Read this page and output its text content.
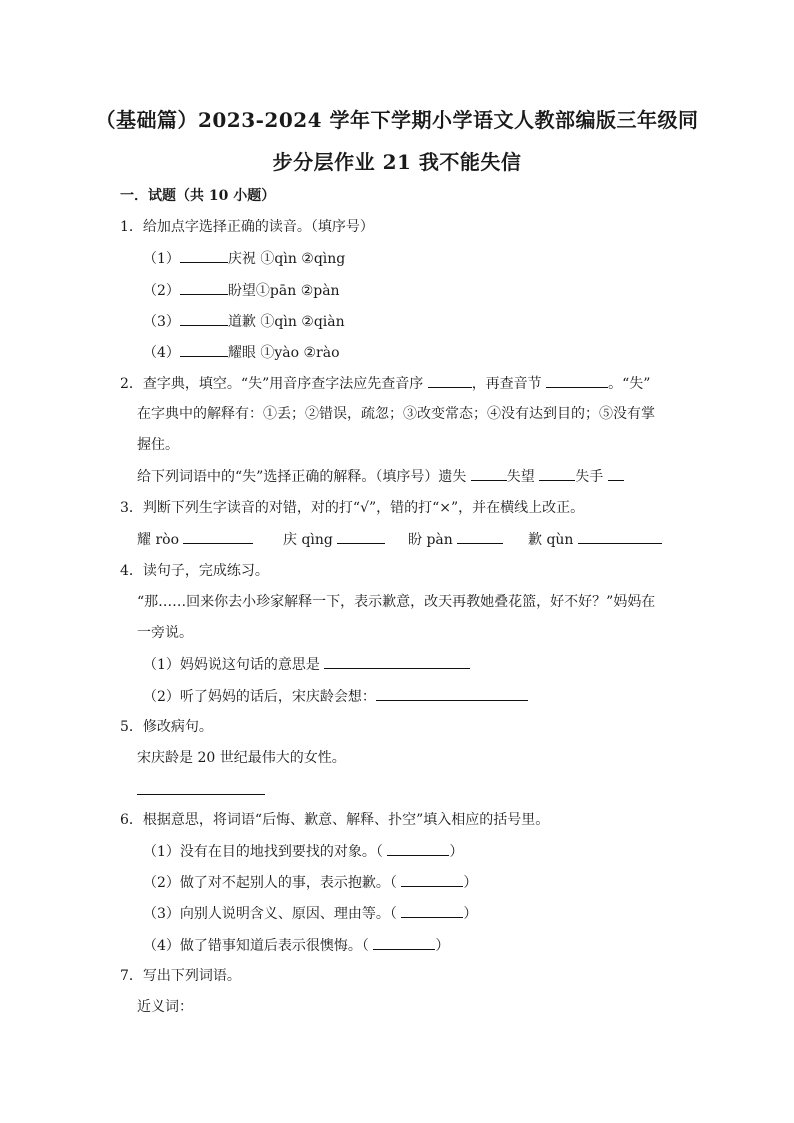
（基础篇）2023-2024 学年下学期小学语文人教部编版三年级同
步分层作业 21 我不能失信
一．试题（共 10 小题）
1．给加点字选择正确的读音。（填序号）
（1）	庆祝 ①qìn ②qìng
（2）	盼望①pān ②pàn
（3）	道歉 ①qìn ②qiàn
（4）	耀眼 ①yào ②rào
2．查字典，填空。“失”用音序查字法应先查音序	，再查音节	。“失”
在字典中的解释有：①丢；②错误，疏忽；③改变常态；④没有达到目的；⑤没有掌
握住。
给下列词语中的“失”选择正确的解释。（填序号）遗失	失望	失手
3．判断下列生字读音的对错，对的打“√”，错的打“×”，并在横线上改正。
耀 ròo	庆 qìng	盼 pàn	歉 qùn
4．读句子，完成练习。
“那……回来你去小珍家解释一下，表示歉意，改天再教她叠花篮，好不好？”妈妈在
一旁说。
（1）妈妈说这句话的意思是
（2）听了妈妈的话后，宋庆龄会想：
5．修改病句。
宋庆龄是 20 世纪最伟大的女性。
6．根据意思，将词语“后悔、歉意、解释、扑空”填入相应的括号里。
（1）没有在目的地找到要找的对象。（	）
（2）做了对不起别人的事，表示抱歉。（	）
（3）向别人说明含义、原因、理由等。（	）
（4）做了错事知道后表示很懊悔。（	）
7．写出下列词语。
近义词：
